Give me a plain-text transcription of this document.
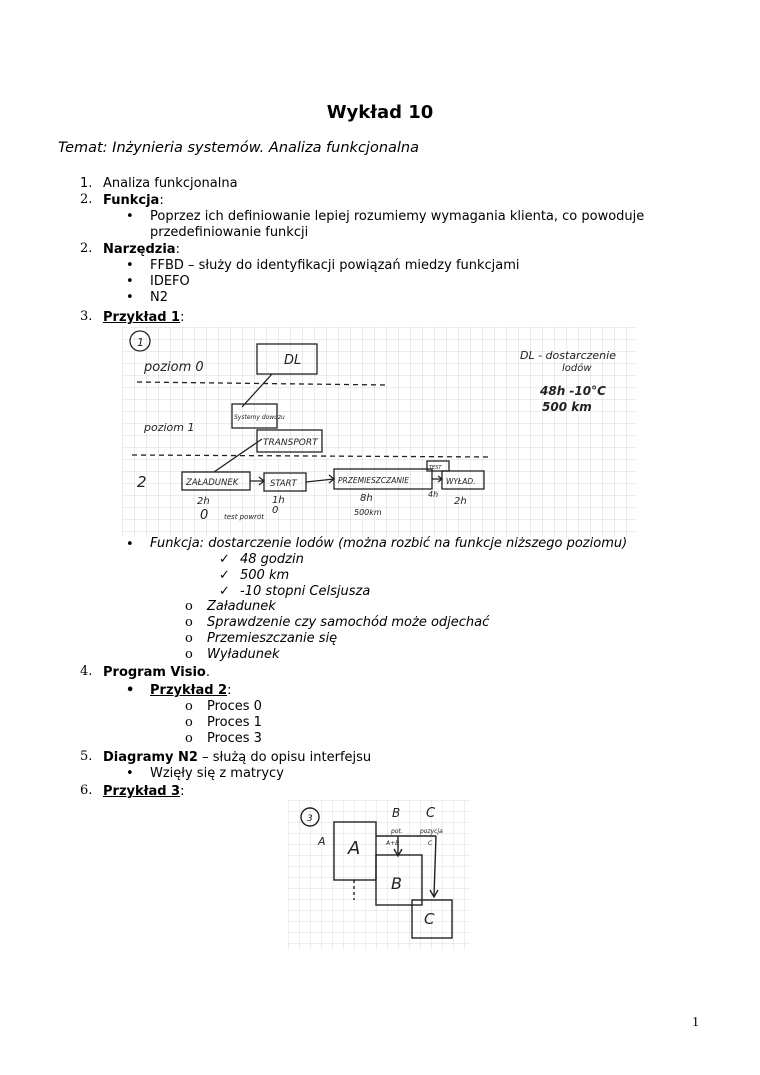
Wykład 10
Temat: Inżynieria systemów. Analiza funkcjonalna
1. Analiza funkcjonalna
2. Funkcja:
• Poprzez ich definiowanie lepiej rozumiemy wymagania klienta, co powoduje
przedefiniowanie funkcji
2. Narzędzia:
• FFBD – służy do identyfikacji powiązań miedzy funkcjami
• IDEFO
• N2
3. Przykład 1:
1
poziom 0
poziom 1
2
DL
Systemy dowozu
TRANSPORT
ZAŁADUNEK	START	PRZEMIESZCZANIE
TEST
WYŁAD.
DL - dostarczenie
lodów
48h -10°C
500 km
2h	1h	8h	4h
2h
500km
0	0
test powrót
• Funkcja: dostarczenie lodów (można rozbić na funkcje niższego poziomu)
✓ 48 godzin
✓ 500 km
✓ -10 stopni Celsjusza
o Załadunek
o Sprawdzenie czy samochód może odjechać
o Przemieszczanie się
o Wyładunek
4. Program Visio.
• Przykład 2:
o Proces 0
o Proces 1
o Proces 3
5. Diagramy N2 – służą do opisu interfejsu
• Wzięły się z matrycy
6. Przykład 3:
3	B C
A A
B
C
pot.	pozycja
A+B	C
1
